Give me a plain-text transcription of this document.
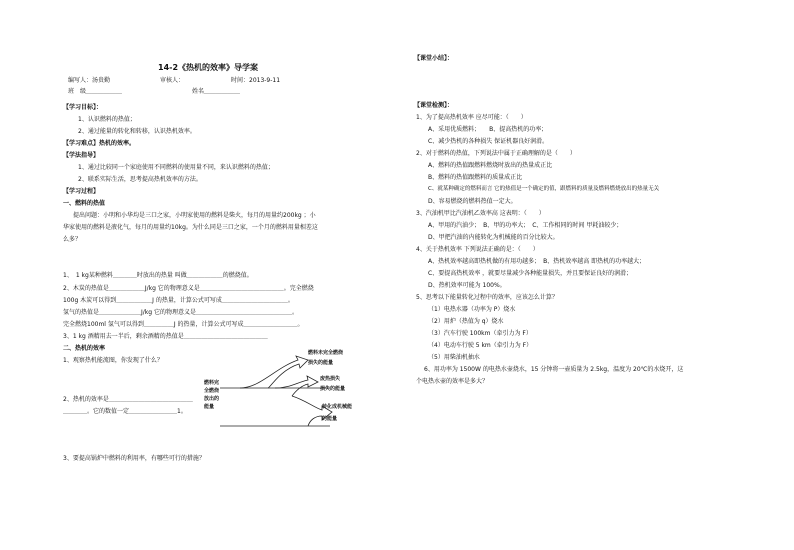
14-2《热机的效率》导学案
编写人：汤贵勤	审核人：	时间：2013-9-11
班　级＿＿＿＿＿＿	姓名＿＿＿＿＿＿
【学习目标】：
1、认识燃料的热值；
2、通过能量的转化和转移，认识热机效率。
【学习难点】热机的效率。
【学法指导】
1、通过比较同一个家庭使用不同燃料的使用量不同，来认识燃料的热值；
2、联系实际生活，思考提高热机效率的方法。
【学习过程】
一、燃料的热值
提出问题：小明和小华均是三口之家，小明家使用的燃料是柴火，每月的用量约200kg ；小
华家使用的燃料是液化气，每月的用量约10kg。为什么同是三口之家，一个月的燃料用量相差这
么多？
1、　1 kg某种燃料＿＿＿＿时放出的热量 叫做＿＿＿＿＿＿的燃烧值。
2、木炭的热值是＿＿＿＿＿＿J/kg 它的物理意义是＿＿＿＿＿＿＿＿＿＿＿＿＿＿。完全燃烧
100g 木炭可以得到＿＿＿＿＿＿J 的热量，计算公式可写成＿＿＿＿＿＿＿＿＿＿＿。
氢气的热值是＿＿＿＿＿＿＿J/kg 它的物理意义是＿＿＿＿＿＿＿＿＿＿＿＿＿＿＿＿。
完全燃烧100ml 氢气可以得到＿＿＿＿＿J 的热量，计算公式可写成＿＿＿＿＿＿＿＿＿。
3、1 kg 酒精用去一半后，剩余酒精的热值是＿＿＿＿＿＿＿＿＿＿＿＿＿＿
二、热机的效率
1、观察热机能流图，你发现了什么？
2、热机的效率是＿＿＿＿＿＿＿＿＿＿＿＿＿＿
＿＿＿＿。它的数值一定＿＿＿＿＿＿＿＿1。
3、要提高锅炉中燃料的利用率，有哪些可行的措施？
燃料完
全燃烧
放出的
能量
燃料未完全燃烧
损失的能量
废热损失
损失的能量
转化成机械能
的能量
【课堂小结】：
【课堂检测】：
1、为了提高热机效率 应尽可能：（　　）
A、采用优质燃料；　　B、提高热机的功率；
C、减少热机的各种损失 保证机器良好润滑。
2、对于燃料的热值，下列说法中属于正确理解的是（　　）
A、燃料的热值跟燃料燃烧时放出的热量成正比
B、燃料的热值跟燃料的质量成正比
C、就某种确定的燃料而言 它的热值是一个确定的值，跟燃料的质量及燃料燃烧放出的热量无关
D、容易燃烧的燃料热值一定大。
3、汽油机甲比汽油机乙效率高 这表明：（　　）
A、甲用的汽油少；　B、甲的功率大；　C、工作相同的时间 甲耗油较少；
D、甲把汽油的内能转化为机械能的百分比较大。
4、关于热机效率 下列说法正确的是：（　　）
A、热机效率越高即热机做的有用功越多；　B、热机效率越高 即热机的功率越大；
C、要提高热机效率 ，就要尽量减少各种能量损失，并且要保证良好的润滑；
D、热机效率可能为 100%。
5、思考以下能量转化过程中的效率，应该怎么计算？
（1）电热水器（功率为 P）烧水
（2）用炉（热值为 q）烧水
（3）汽车行驶 100km（牵引力为 F）
（4）电动车行驶 5 km（牵引力为 F）
（5）用柴油机抽水
6、用功率为 1500W 的电热水壶烧水，15 分钟将一壶质量为 2.5kg，温度为 20℃的水烧开，这
个电热水壶的效率是多大？
